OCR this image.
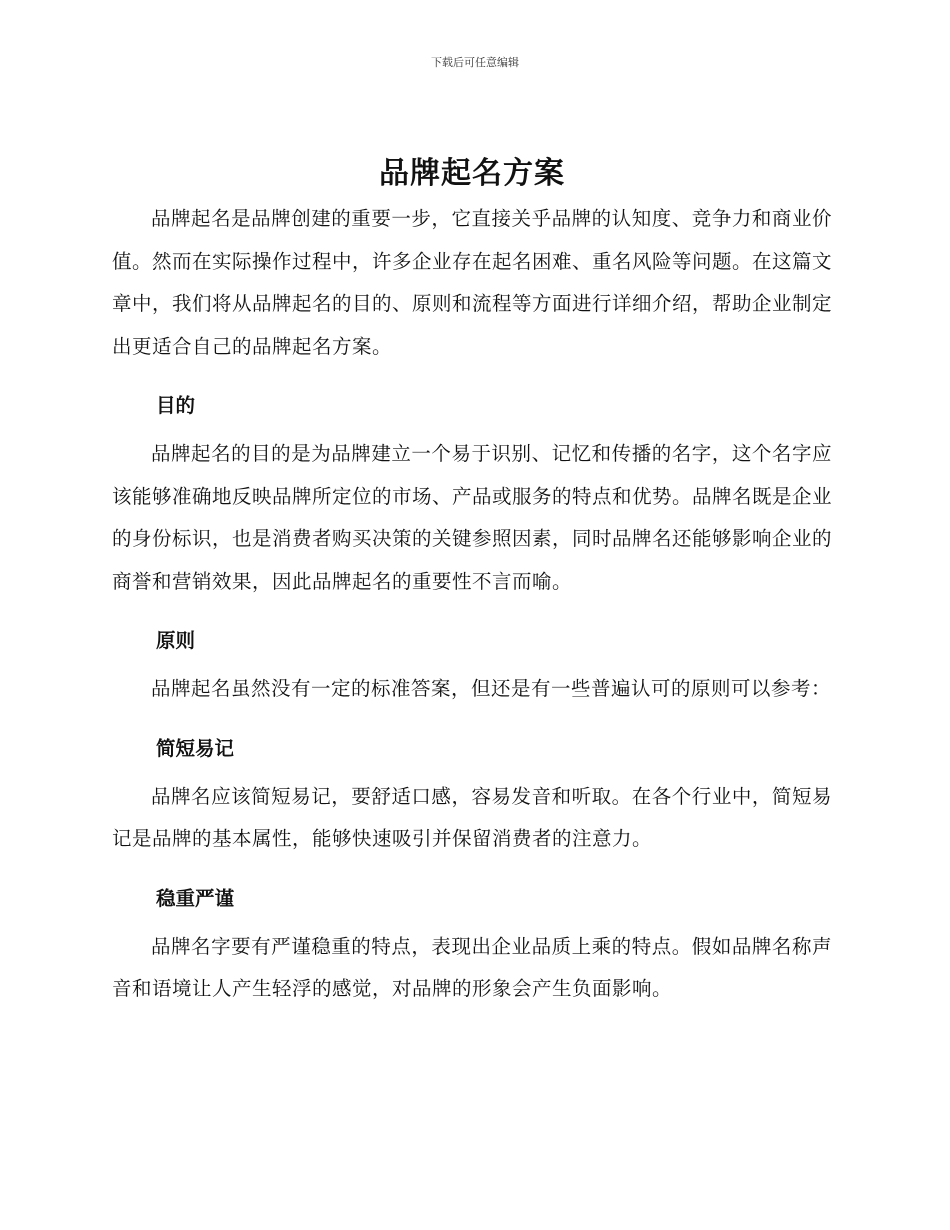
下载后可任意编辑
品牌起名方案

品牌起名是品牌创建的重要一步，它直接关乎品牌的认知度、竞争力和商业价值。然而在实际操作过程中，许多企业存在起名困难、重名风险等问题。在这篇文章中，我们将从品牌起名的目的、原则和流程等方面进行详细介绍，帮助企业制定出更适合自己的品牌起名方案。

目的

品牌起名的目的是为品牌建立一个易于识别、记忆和传播的名字，这个名字应该能够准确地反映品牌所定位的市场、产品或服务的特点和优势。品牌名既是企业的身份标识，也是消费者购买决策的关键参照因素，同时品牌名还能够影响企业的商誉和营销效果，因此品牌起名的重要性不言而喻。

原则

品牌起名虽然没有一定的标准答案，但还是有一些普遍认可的原则可以参考：

简短易记

品牌名应该简短易记，要舒适口感，容易发音和听取。在各个行业中，简短易记是品牌的基本属性，能够快速吸引并保留消费者的注意力。

稳重严谨

品牌名字要有严谨稳重的特点，表现出企业品质上乘的特点。假如品牌名称声音和语境让人产生轻浮的感觉，对品牌的形象会产生负面影响。
